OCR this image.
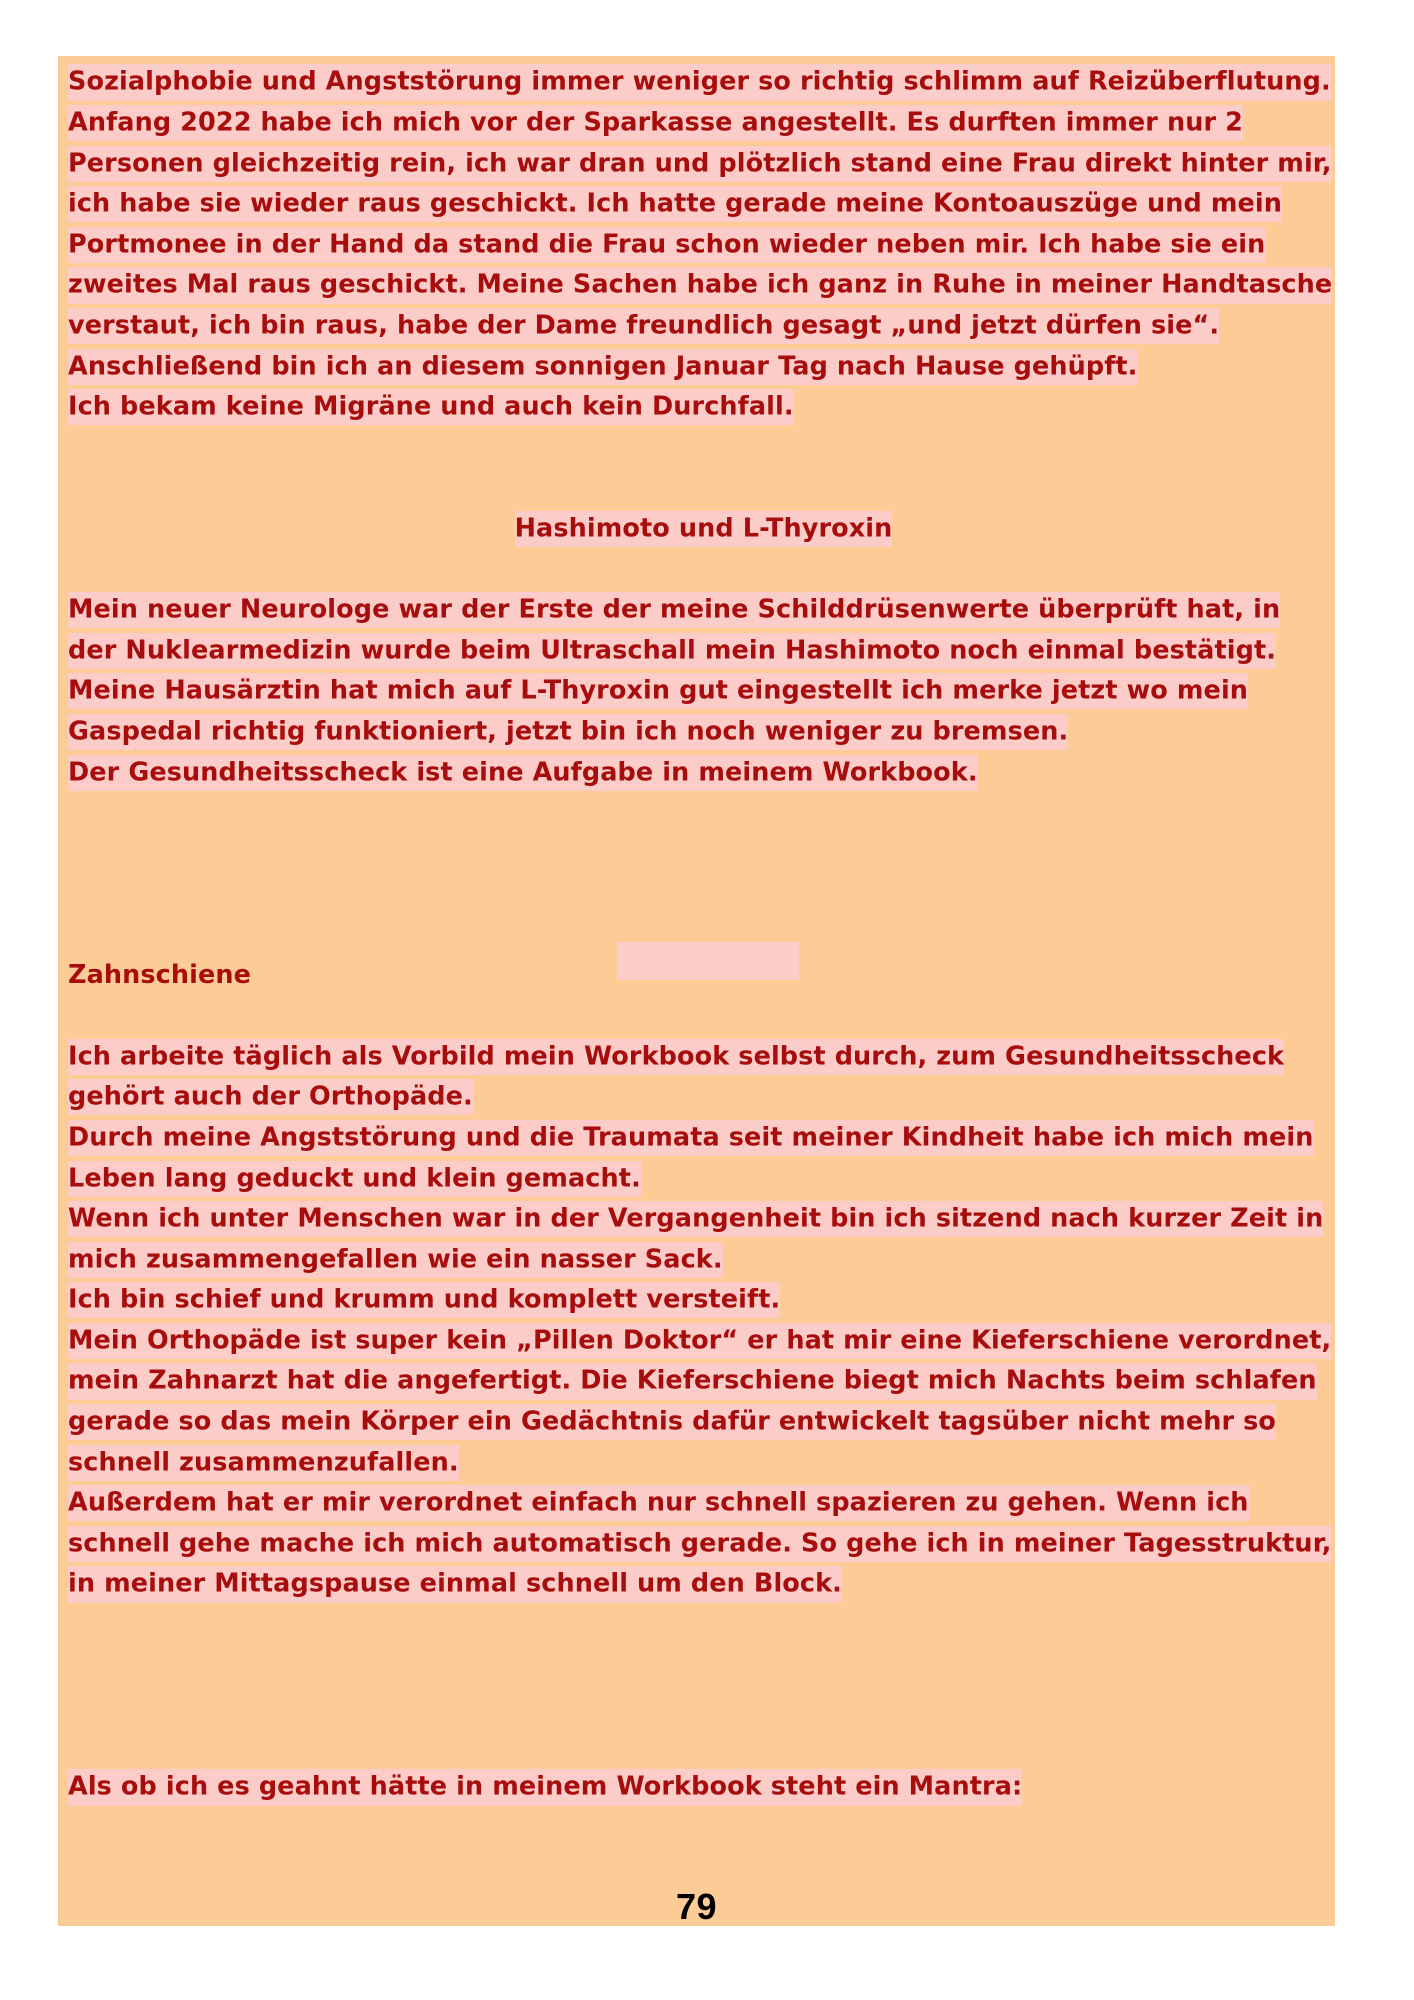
Sozialphobie und Angststörung immer weniger so richtig schlimm auf Reizüberflutung.

Anfang 2022 habe ich mich vor der Sparkasse angestellt. Es durften immer nur 2 Personen gleichzeitig rein, ich war dran und plötzlich stand eine Frau direkt hinter mir, ich habe sie wieder raus geschickt. Ich hatte gerade meine Kontoauszüge und mein Portmonee in der Hand da stand die Frau schon wieder neben mir. Ich habe sie ein zweites Mal raus geschickt. Meine Sachen habe ich ganz in Ruhe in meiner Handtasche verstaut, ich bin raus, habe der Dame freundlich gesagt „und jetzt dürfen sie“. Anschließend bin ich an diesem sonnigen Januar Tag nach Hause gehüpft.

Ich bekam keine Migräne und auch kein Durchfall.

Hashimoto und L-Thyroxin

Mein neuer Neurologe war der Erste der meine Schilddrüsenwerte überprüft hat, in der Nuklearmedizin wurde beim Ultraschall mein Hashimoto noch einmal bestätigt.

Meine Hausärztin hat mich auf L-Thyroxin gut eingestellt ich merke jetzt wo mein Gaspedal richtig funktioniert, jetzt bin ich noch weniger zu bremsen.

Der Gesundheitsscheck ist eine Aufgabe in meinem Workbook.

Zahnschiene

Ich arbeite täglich als Vorbild mein Workbook selbst durch, zum Gesundheitsscheck gehört auch der Orthopäde.

Durch meine Angststörung und die Traumata seit meiner Kindheit habe ich mich mein Leben lang geduckt und klein gemacht.

Wenn ich unter Menschen war in der Vergangenheit bin ich sitzend nach kurzer Zeit in mich zusammengefallen wie ein nasser Sack.

Ich bin schief und krumm und komplett versteift.

Mein Orthopäde ist super kein „Pillen Doktor“ er hat mir eine Kieferschiene verordnet, mein Zahnarzt hat die angefertigt. Die Kieferschiene biegt mich Nachts beim schlafen gerade so das mein Körper ein Gedächtnis dafür entwickelt tagsüber nicht mehr so schnell zusammenzufallen.

Außerdem hat er mir verordnet einfach nur schnell spazieren zu gehen. Wenn ich schnell gehe mache ich mich automatisch gerade. So gehe ich in meiner Tagesstruktur, in meiner Mittagspause einmal schnell um den Block.

Als ob ich es geahnt hätte in meinem Workbook steht ein Mantra:

79
